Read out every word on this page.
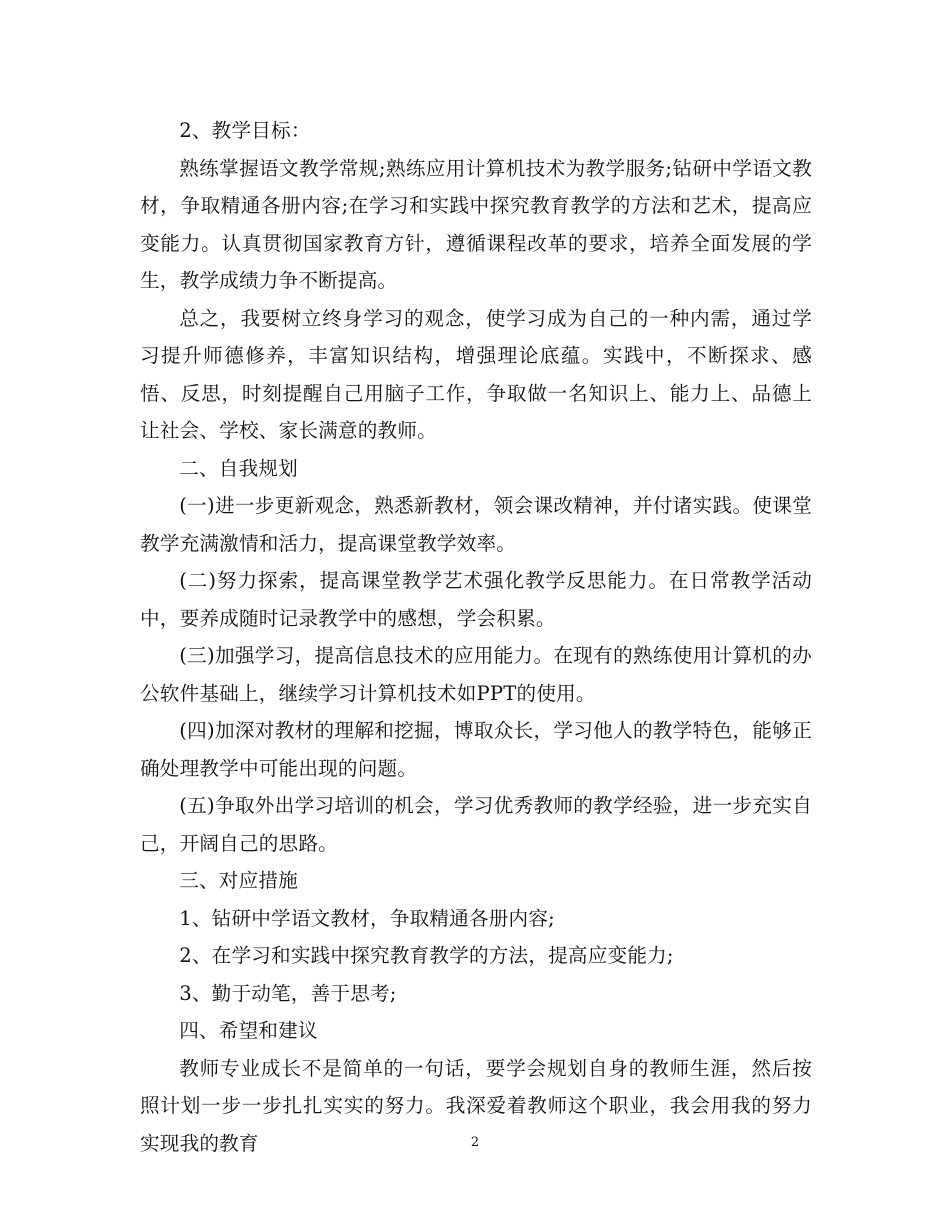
2、教学目标：

熟练掌握语文教学常规;熟练应用计算机技术为教学服务;钻研中学语文教材，争取精通各册内容;在学习和实践中探究教育教学的方法和艺术，提高应变能力。认真贯彻国家教育方针，遵循课程改革的要求，培养全面发展的学生，教学成绩力争不断提高。

总之，我要树立终身学习的观念，使学习成为自己的一种内需，通过学习提升师德修养，丰富知识结构，增强理论底蕴。实践中，不断探求、感悟、反思，时刻提醒自己用脑子工作，争取做一名知识上、能力上、品德上让社会、学校、家长满意的教师。

二、自我规划

(一)进一步更新观念，熟悉新教材，领会课改精神，并付诸实践。使课堂教学充满激情和活力，提高课堂教学效率。

(二)努力探索，提高课堂教学艺术强化教学反思能力。在日常教学活动中，要养成随时记录教学中的感想，学会积累。

(三)加强学习，提高信息技术的应用能力。在现有的熟练使用计算机的办公软件基础上，继续学习计算机技术如PPT的使用。

(四)加深对教材的理解和挖掘，博取众长，学习他人的教学特色，能够正确处理教学中可能出现的问题。

(五)争取外出学习培训的机会，学习优秀教师的教学经验，进一步充实自己，开阔自己的思路。

三、对应措施

1、钻研中学语文教材，争取精通各册内容;

2、在学习和实践中探究教育教学的方法，提高应变能力;

3、勤于动笔，善于思考;

四、希望和建议

教师专业成长不是简单的一句话，要学会规划自身的教师生涯，然后按照计划一步一步扎扎实实的努力。我深爱着教师这个职业，我会用我的努力实现我的教育	2
